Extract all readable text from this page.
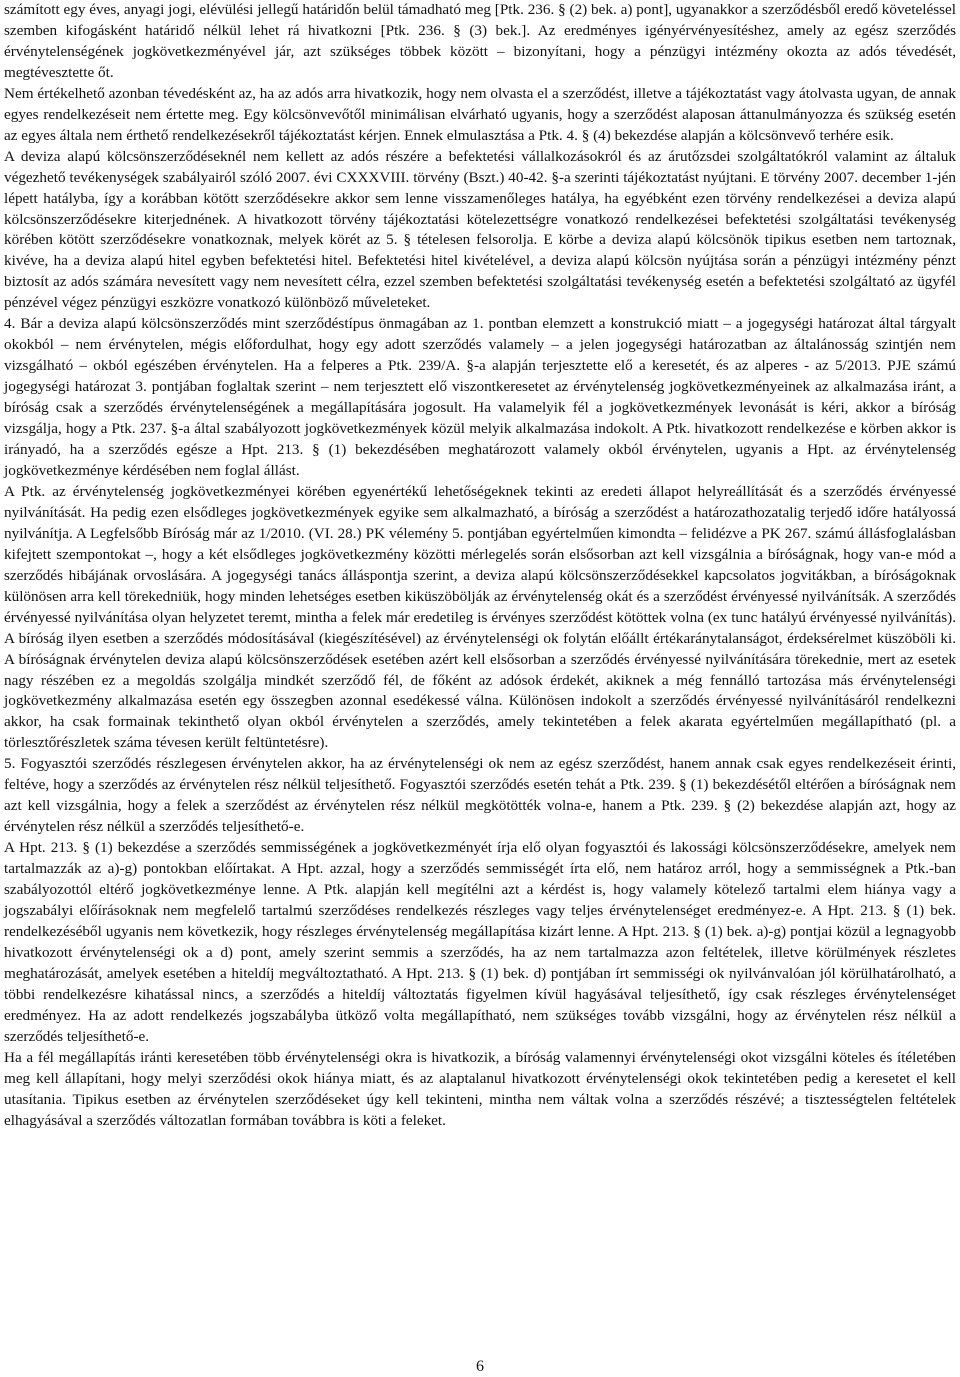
számított egy éves, anyagi jogi, elévülési jellegű határidőn belül támadható meg [Ptk. 236. § (2) bek. a) pont], ugyanakkor a szerződésből eredő követeléssel szemben kifogásként határidő nélkül lehet rá hivatkozni [Ptk. 236. § (3) bek.]. Az eredményes igényérvényesítéshez, amely az egész szerződés érvénytelenségének jogkövetkezményével jár, azt szükséges többek között – bizonyítani, hogy a pénzügyi intézmény okozta az adós tévedését, megtévesztette őt.

Nem értékelhető azonban tévedésként az, ha az adós arra hivatkozik, hogy nem olvasta el a szerződést, illetve a tájékoztatást vagy átolvasta ugyan, de annak egyes rendelkezéseit nem értette meg. Egy kölcsönvevőtől minimálisan elvárható ugyanis, hogy a szerződést alaposan áttanulmányozza és szükség esetén az egyes általa nem érthető rendelkezésekről tájékoztatást kérjen. Ennek elmulasztása a Ptk. 4. § (4) bekezdése alapján a kölcsönvevő terhére esik.

A deviza alapú kölcsönszerződéseknél nem kellett az adós részére a befektetési vállalkozásokról és az árutőzsdei szolgáltatókról valamint az általuk végezhető tevékenységek szabályairól szóló 2007. évi CXXXVIII. törvény (Bszt.) 40-42. §-a szerinti tájékoztatást nyújtani. E törvény 2007. december 1-jén lépett hatályba, így a korábban kötött szerződésekre akkor sem lenne visszamenőleges hatálya, ha egyébként ezen törvény rendelkezései a deviza alapú kölcsönszerződésekre kiterjednének. A hivatkozott törvény tájékoztatási kötelezettségre vonatkozó rendelkezései befektetési szolgáltatási tevékenység körében kötött szerződésekre vonatkoznak, melyek körét az 5. § tételesen felsorolja. E körbe a deviza alapú kölcsönök tipikus esetben nem tartoznak, kivéve, ha a deviza alapú hitel egyben befektetési hitel. Befektetési hitel kivételével, a deviza alapú kölcsön nyújtása során a pénzügyi intézmény pénzt biztosít az adós számára nevesített vagy nem nevesített célra, ezzel szemben befektetési szolgáltatási tevékenység esetén a befektetési szolgáltató az ügyfél pénzével végez pénzügyi eszközre vonatkozó különböző műveleteket.

4. Bár a deviza alapú kölcsönszerződés mint szerződéstípus önmagában az 1. pontban elemzett a konstrukció miatt – a jogegységi határozat által tárgyalt okokból – nem érvénytelen, mégis előfordulhat, hogy egy adott szerződés valamely – a jelen jogegységi határozatban az általánosság szintjén nem vizsgálható – okból egészében érvénytelen. Ha a felperes a Ptk. 239/A. §-a alapján terjesztette elő a keresetét, és az alperes - az 5/2013. PJE számú jogegységi határozat 3. pontjában foglaltak szerint – nem terjesztett elő viszontkeresetet az érvénytelenség jogkövetkezményeinek az alkalmazása iránt, a bíróság csak a szerződés érvénytelenségének a megállapítására jogosult. Ha valamelyik fél a jogkövetkezmények levonását is kéri, akkor a bíróság vizsgálja, hogy a Ptk. 237. §-a által szabályozott jogkövetkezmények közül melyik alkalmazása indokolt. A Ptk. hivatkozott rendelkezése e körben akkor is irányadó, ha a szerződés egésze a Hpt. 213. § (1) bekezdésében meghatározott valamely okból érvénytelen, ugyanis a Hpt. az érvénytelenség jogkövetkezménye kérdésében nem foglal állást.

A Ptk. az érvénytelenség jogkövetkezményei körében egyenértékű lehetőségeknek tekinti az eredeti állapot helyreállítását és a szerződés érvényessé nyilvánítását. Ha pedig ezen elsődleges jogkövetkezmények egyike sem alkalmazható, a bíróság a szerződést a határozathozatalig terjedő időre hatályossá nyilvánítja. A Legfelsőbb Bíróság már az 1/2010. (VI. 28.) PK vélemény 5. pontjában egyértelműen kimondta – felidézve a PK 267. számú állásfoglalásban kifejtett szempontokat –, hogy a két elsődleges jogkövetkezmény közötti mérlegelés során elsősorban azt kell vizsgálnia a bíróságnak, hogy van-e mód a szerződés hibájának orvoslására. A jogegységi tanács álláspontja szerint, a deviza alapú kölcsönszerződésekkel kapcsolatos jogvitákban, a bíróságoknak különösen arra kell törekedniük, hogy minden lehetséges esetben kiküszöbölják az érvénytelenség okát és a szerződést érvényessé nyilvánítsák. A szerződés érvényessé nyilvánítása olyan helyzetet teremt, mintha a felek már eredetileg is érvényes szerződést kötöttek volna (ex tunc hatályú érvényessé nyilvánítás). A bíróság ilyen esetben a szerződés módosításával (kiegészítésével) az érvénytelenségi ok folytán előállt értékaránytalanságot, érdeksérelmet küszöböli ki. A bíróságnak érvénytelen deviza alapú kölcsönszerződések esetében azért kell elsősorban a szerződés érvényessé nyilvánítására törekednie, mert az esetek nagy részében ez a megoldás szolgálja mindkét szerződő fél, de főként az adósok érdekét, akiknek a még fennálló tartozása más érvénytelenségi jogkövetkezmény alkalmazása esetén egy összegben azonnal esedékessé válna. Különösen indokolt a szerződés érvényessé nyilvánításáról rendelkezni akkor, ha csak formainak tekinthető olyan okból érvénytelen a szerződés, amely tekintetében a felek akarata egyértelműen megállapítható (pl. a törlesztőrészletek száma tévesen került feltüntetésre).

5. Fogyasztói szerződés részlegesen érvénytelen akkor, ha az érvénytelenségi ok nem az egész szerződést, hanem annak csak egyes rendelkezéseit érinti, feltéve, hogy a szerződés az érvénytelen rész nélkül teljesíthető. Fogyasztói szerződés esetén tehát a Ptk. 239. § (1) bekezdésétől eltérően a bíróságnak nem azt kell vizsgálnia, hogy a felek a szerződést az érvénytelen rész nélkül megkötötték volna-e, hanem a Ptk. 239. § (2) bekezdése alapján azt, hogy az érvénytelen rész nélkül a szerződés teljesíthető-e.

A Hpt. 213. § (1) bekezdése a szerződés semmisségének a jogkövetkezményét írja elő olyan fogyasztói és lakossági kölcsönszerződésekre, amelyek nem tartalmazzák az a)-g) pontokban előírtakat. A Hpt. azzal, hogy a szerződés semmisségét írta elő, nem határoz arról, hogy a semmisségnek a Ptk.-ban szabályozottól eltérő jogkövetkezménye lenne. A Ptk. alapján kell megítélni azt a kérdést is, hogy valamely kötelező tartalmi elem hiánya vagy a jogszabályi előírásoknak nem megfelelő tartalmú szerződéses rendelkezés részleges vagy teljes érvénytelenséget eredményez-e. A Hpt. 213. § (1) bek. rendelkezéséből ugyanis nem következik, hogy részleges érvénytelenség megállapítása kizárt lenne. A Hpt. 213. § (1) bek. a)-g) pontjai közül a legnagyobb hivatkozott érvénytelenségi ok a d) pont, amely szerint semmis a szerződés, ha az nem tartalmazza azon feltételek, illetve körülmények részletes meghatározását, amelyek esetében a hiteldíj megváltoztatható. A Hpt. 213. § (1) bek. d) pontjában írt semmisségi ok nyilvánvalóan jól körülhatárolható, a többi rendelkezésre kihatással nincs, a szerződés a hiteldíj változtatás figyelmen kívül hagyásával teljesíthető, így csak részleges érvénytelenséget eredményez. Ha az adott rendelkezés jogszabályba ütköző volta megállapítható, nem szükséges tovább vizsgálni, hogy az érvénytelen rész nélkül a szerződés teljesíthető-e.

Ha a fél megállapítás iránti keresetében több érvénytelenségi okra is hivatkozik, a bíróság valamennyi érvénytelenségi okot vizsgálni köteles és ítéletében meg kell állapítani, hogy melyi szerződési okok hiánya miatt, és az alaptalanul hivatkozott érvénytelenségi okok tekintetében pedig a keresetet el kell utasítania. Tipikus esetben az érvénytelen szerződéseket úgy kell tekinteni, mintha nem váltak volna a szerződés részévé; a tisztességtelen feltételek elhagyásával a szerződés változatlan formában továbbra is köti a feleket.

6
